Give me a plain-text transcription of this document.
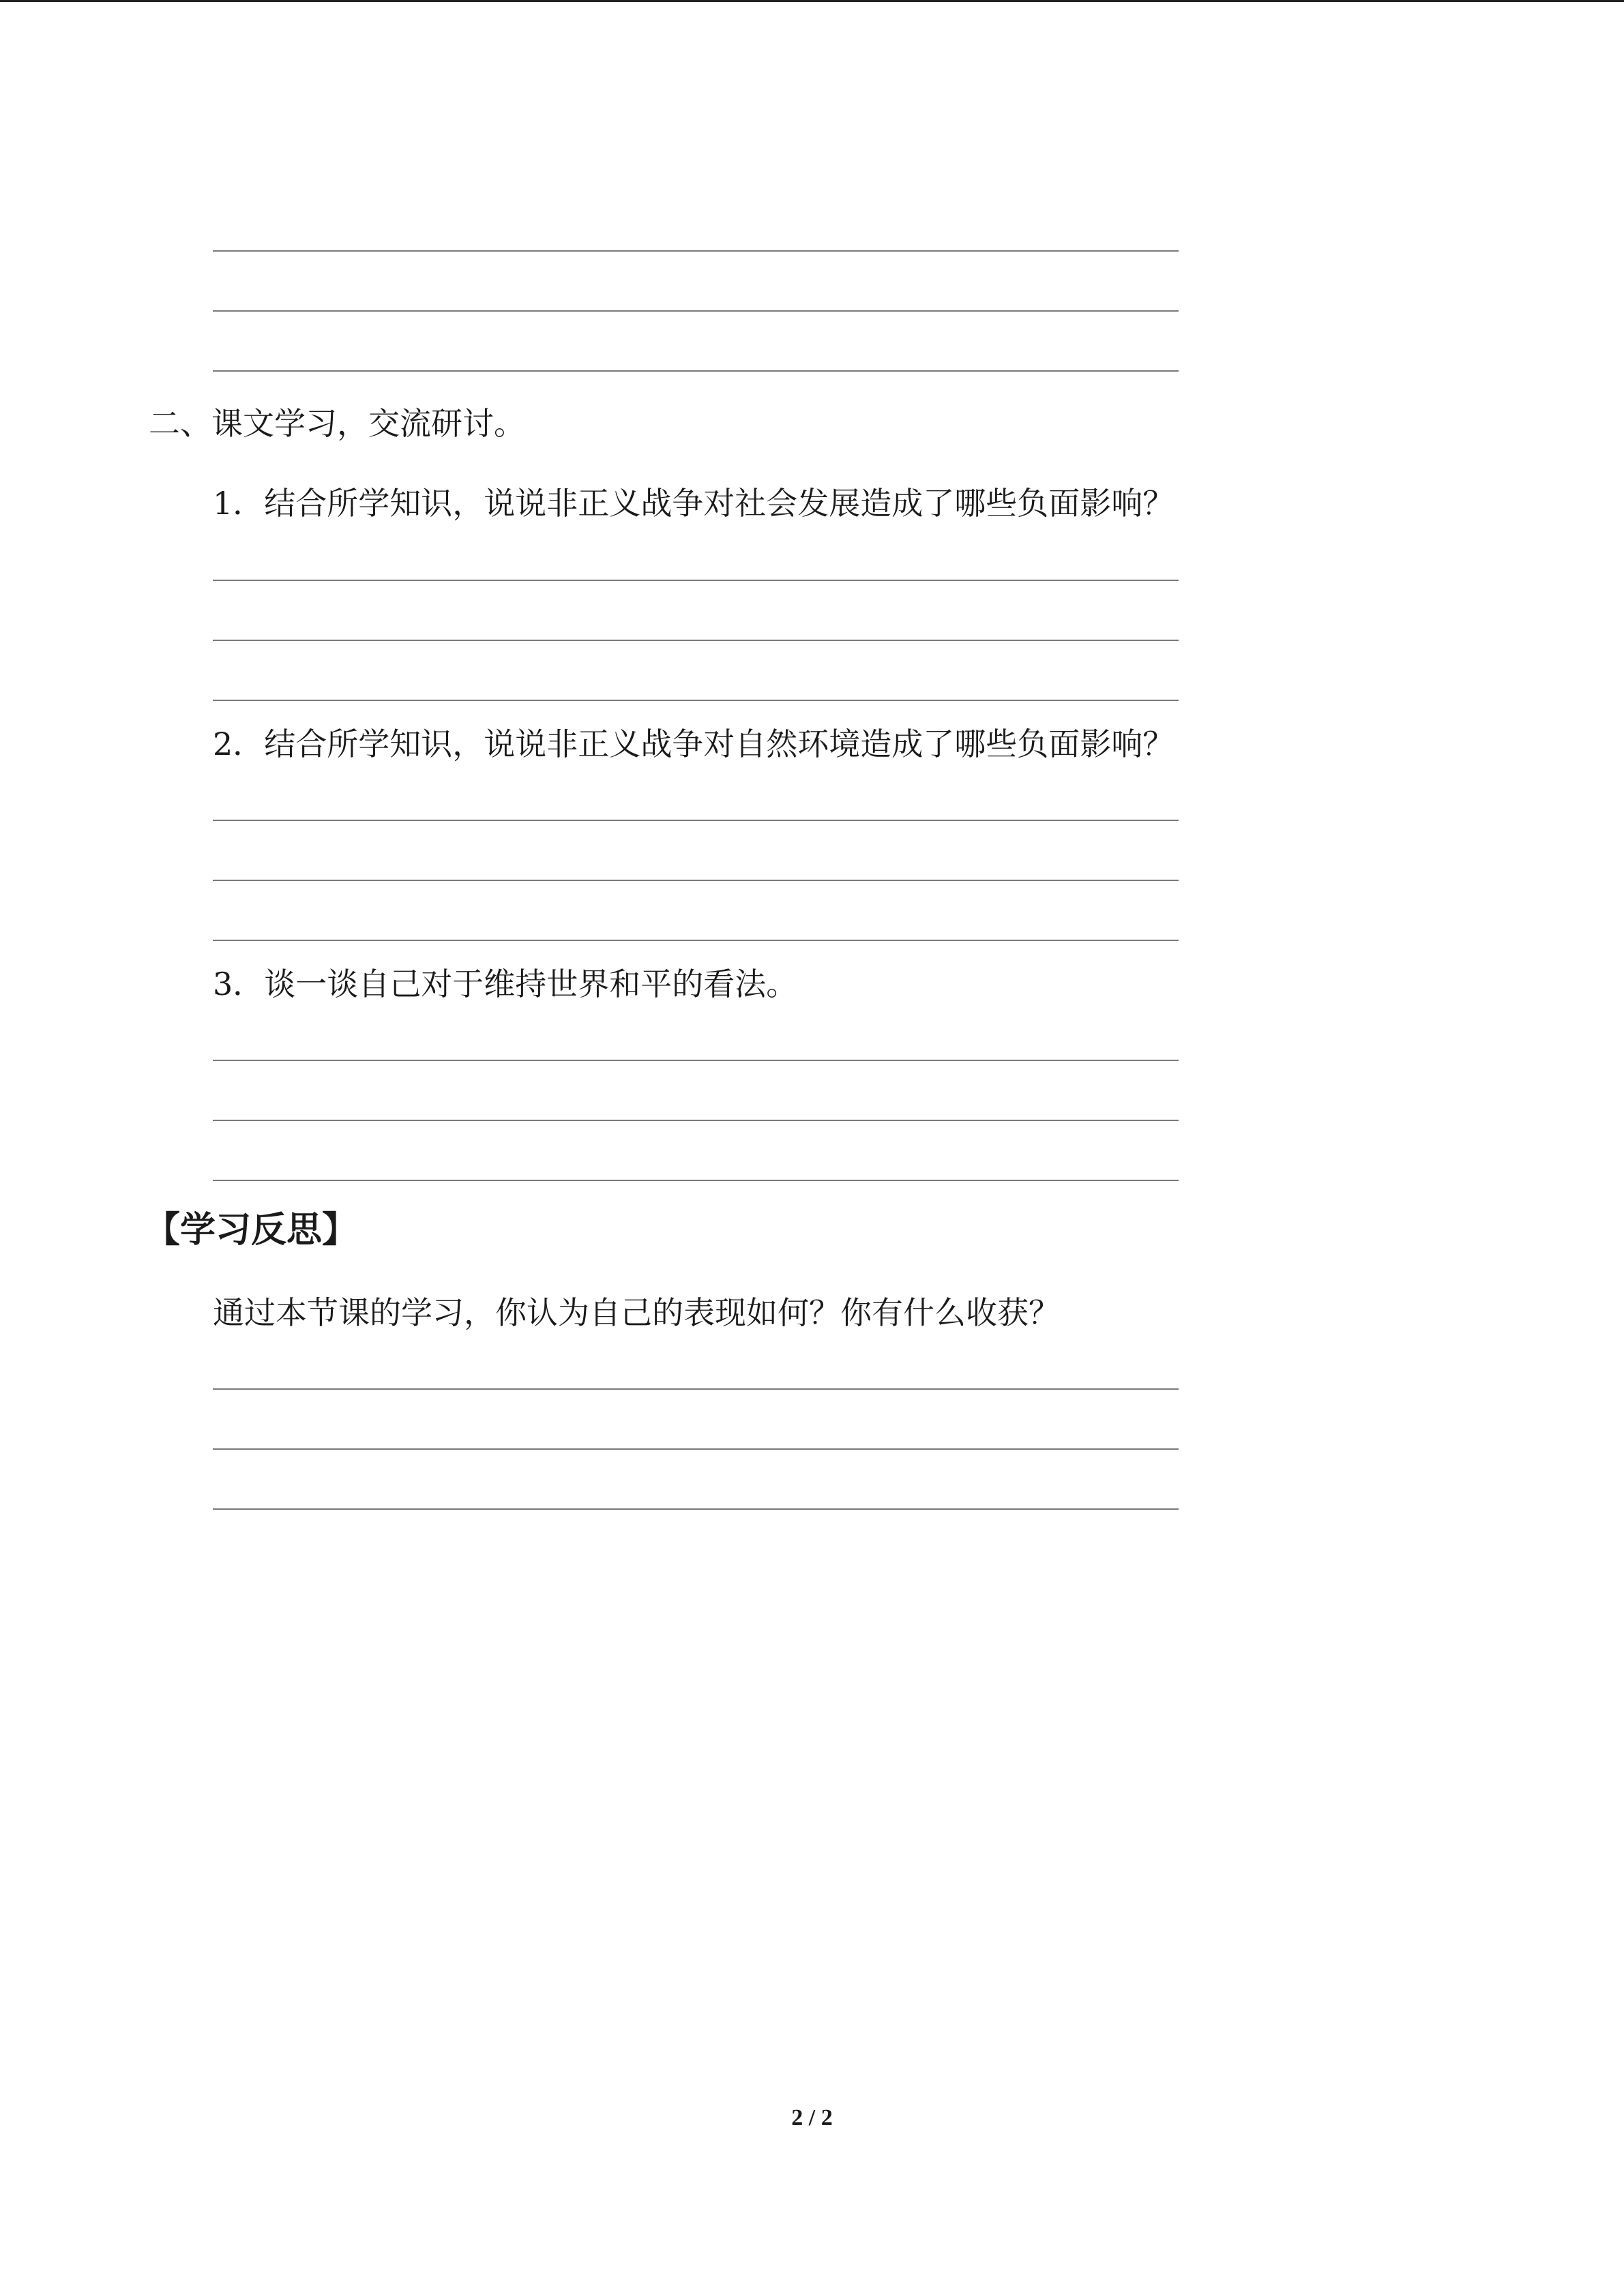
二、课文学习，交流研讨。
1．结合所学知识，说说非正义战争对社会发展造成了哪些负面影响？
2．结合所学知识，说说非正义战争对自然环境造成了哪些负面影响？
3．谈一谈自己对于维持世界和平的看法。
【学习反思】
通过本节课的学习，你认为自己的表现如何？你有什么收获？
2 / 2
